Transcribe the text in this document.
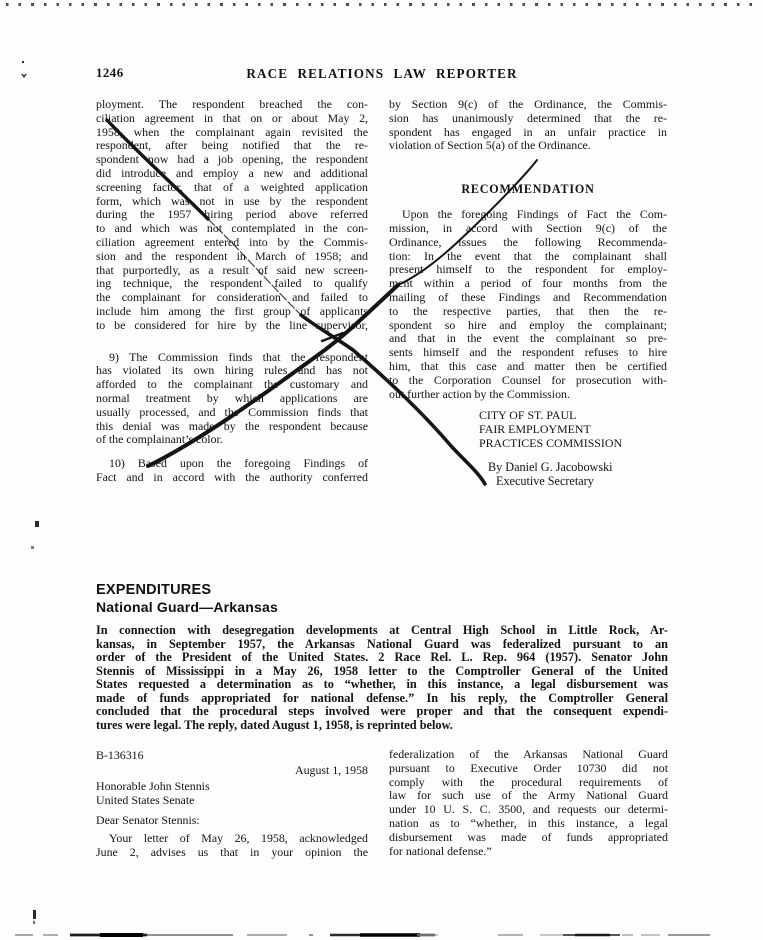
1246	RACE RELATIONS LAW REPORTER
ployment. The respondent breached the con-
ciliation agreement in that on or about May 2,
1958, when the complainant again revisited the
respondent, after being notified that the re-
spondent now had a job opening, the respondent
did introduce and employ a new and additional
screening factor, that of a weighted application
form, which was not in use by the respondent
during the 1957 hiring period above referred
to and which was not contemplated in the con-
ciliation agreement entered into by the Commis-
sion and the respondent in March of 1958; and
that purportedly, as a result of said new screen-
ing technique, the respondent failed to qualify
the complainant for consideration and failed to
include him among the first group of applicants
to be considered for hire by the line supervisor,
9) The Commission finds that the respondent
has violated its own hiring rules and has not
afforded to the complainant the customary and
normal treatment by which applications are
usually processed, and the Commission finds that
this denial was made by the respondent because
of the complainant’s color.
10) Based upon the foregoing Findings of
Fact and in accord with the authority conferred
by Section 9(c) of the Ordinance, the Commis-
sion has unanimously determined that the re-
spondent has engaged in an unfair practice in
violation of Section 5(a) of the Ordinance.
RECOMMENDATION
Upon the foregoing Findings of Fact the Com-
mission, in accord with Section 9(c) of the
Ordinance, issues the following Recommenda-
tion: In the event that the complainant shall
present himself to the respondent for employ-
ment within a period of four months from the
mailing of these Findings and Recommendation
to the respective parties, that then the re-
spondent so hire and employ the complainant;
and that in the event the complainant so pre-
sents himself and the respondent refuses to hire
him, that this case and matter then be certified
to the Corporation Counsel for prosecution with-
out further action by the Commission.
CITY OF ST. PAUL
FAIR EMPLOYMENT
PRACTICES COMMISSION
By Daniel G. Jacobowski
Executive Secretary
EXPENDITURES
National Guard—Arkansas
In connection with desegregation developments at Central High School in Little Rock, Ar-
kansas, in September 1957, the Arkansas National Guard was federalized pursuant to an
order of the President of the United States. 2 Race Rel. L. Rep. 964 (1957). Senator John
Stennis of Mississippi in a May 26, 1958 letter to the Comptroller General of the United
States requested a determination as to “whether, in this instance, a legal disbursement was
made of funds appropriated for national defense.” In his reply, the Comptroller General
concluded that the procedural steps involved were proper and that the consequent expendi-
tures were legal. The reply, dated August 1, 1958, is reprinted below.
B-136316
August 1, 1958
Honorable John Stennis
United States Senate
Dear Senator Stennis:
Your letter of May 26, 1958, acknowledged
June 2, advises us that in your opinion the
federalization of the Arkansas National Guard
pursuant to Executive Order 10730 did not
comply with the procedural requirements of
law for such use of the Army National Guard
under 10 U. S. C. 3500, and requests our determi-
nation as to “whether, in this instance, a legal
disbursement was made of funds appropriated
for national defense.”
